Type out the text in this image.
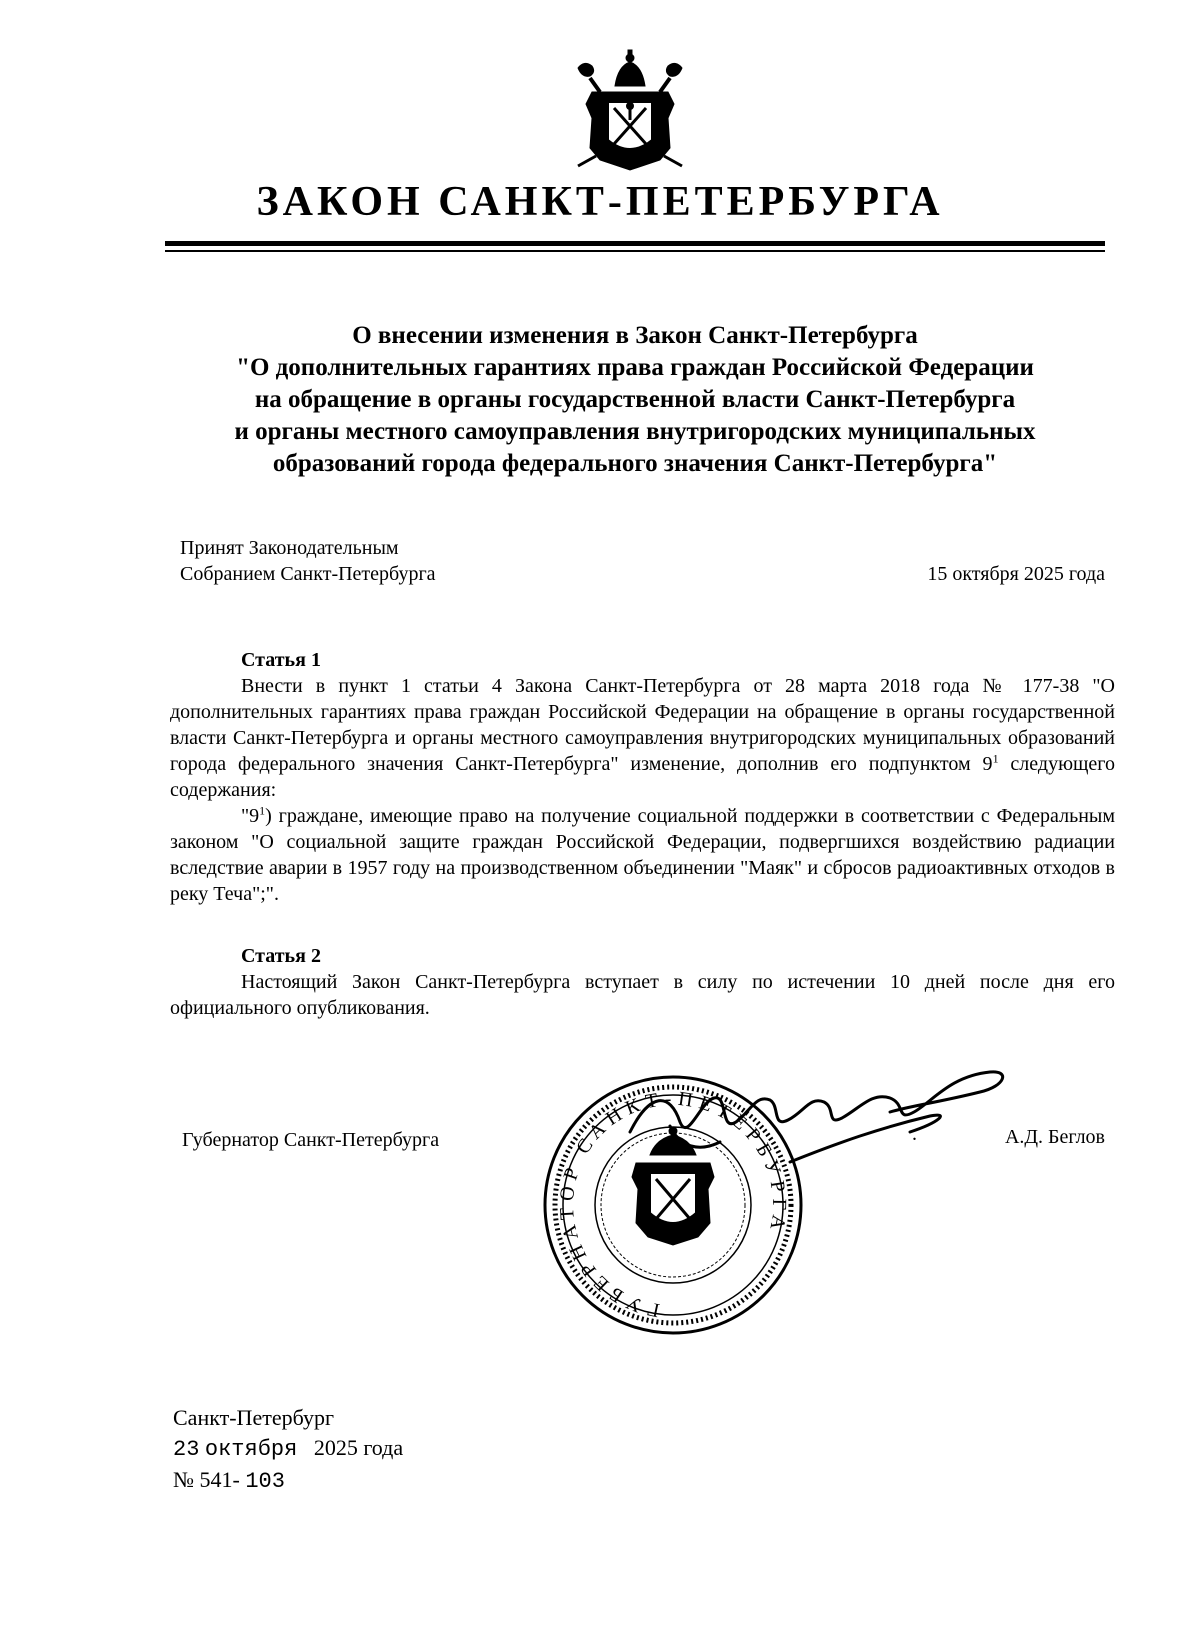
ЗАКОН САНКТ-ПЕТЕРБУРГА
О внесении изменения в Закон Санкт-Петербурга
"О дополнительных гарантиях права граждан Российской Федерации
на обращение в органы государственной власти Санкт-Петербурга
и органы местного самоуправления внутригородских муниципальных
образований города федерального значения Санкт-Петербурга"
Принят Законодательным
Собранием Санкт-Петербурга	15 октября 2025 года
Статья 1

Внести в пункт 1 статьи 4 Закона Санкт-Петербурга от 28 марта 2018 года № 177-38 "О дополнительных гарантиях права граждан Российской Федерации на обращение в органы государственной власти Санкт-Петербурга и органы местного самоуправления внутригородских муниципальных образований города федерального значения Санкт-Петербурга" изменение, дополнив его подпунктом $9^1$ следующего содержания:

"$9^1$) граждане, имеющие право на получение социальной поддержки в соответствии с Федеральным законом "О социальной защите граждан Российской Федерации, подвергшихся воздействию радиации вследствие аварии в 1957 году на производственном объединении "Маяк" и сбросов радиоактивных отходов в реку Теча";".

Статья 2

Настоящий Закон Санкт-Петербурга вступает в силу по истечении 10 дней после дня его официального опубликования.

Губернатор Санкт-Петербурга
ГУБЕРНАТОР САНКТ-ПЕТЕРБУРГА
.	А.Д. Беглов
Санкт-Петербург
23 октября 2025 года
№ 541- 103
